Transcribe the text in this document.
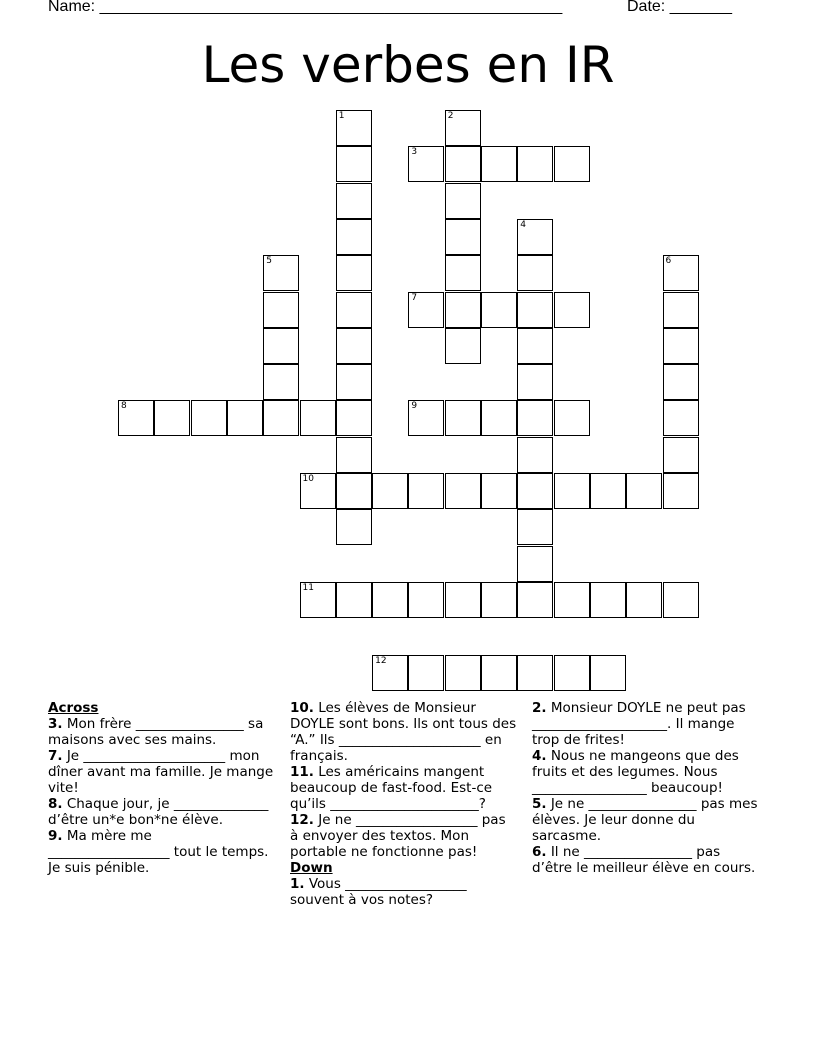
Name: ____________________________________________________	Date: _______
Les verbes en IR
1	2
3
4
5	6
7
8	9
10
11
12
Across
3. Mon frère ________________ sa maisons avec ses mains.
7. Je _____________________ mon dîner avant ma famille. Je mange vite!
8. Chaque jour, je ______________ d’être un*e bon*ne élève.
9. Ma mère me __________________ tout le temps. Je suis pénible.
10. Les élèves de Monsieur DOYLE sont bons. Ils ont tous des “A.” Ils _____________________ en français.
11. Les américains mangent beaucoup de fast-food. Est-ce qu’ils ______________________?
12. Je ne __________________ pas à envoyer des textos. Mon portable ne fonctionne pas!
Down
1. Vous __________________ souvent à vos notes?
2. Monsieur DOYLE ne peut pas ____________________. Il mange trop de frites!
4. Nous ne mangeons que des fruits et des legumes. Nous _________________ beaucoup!
5. Je ne ________________ pas mes élèves. Je leur donne du sarcasme.
6. Il ne ________________ pas d’être le meilleur élève en cours.
